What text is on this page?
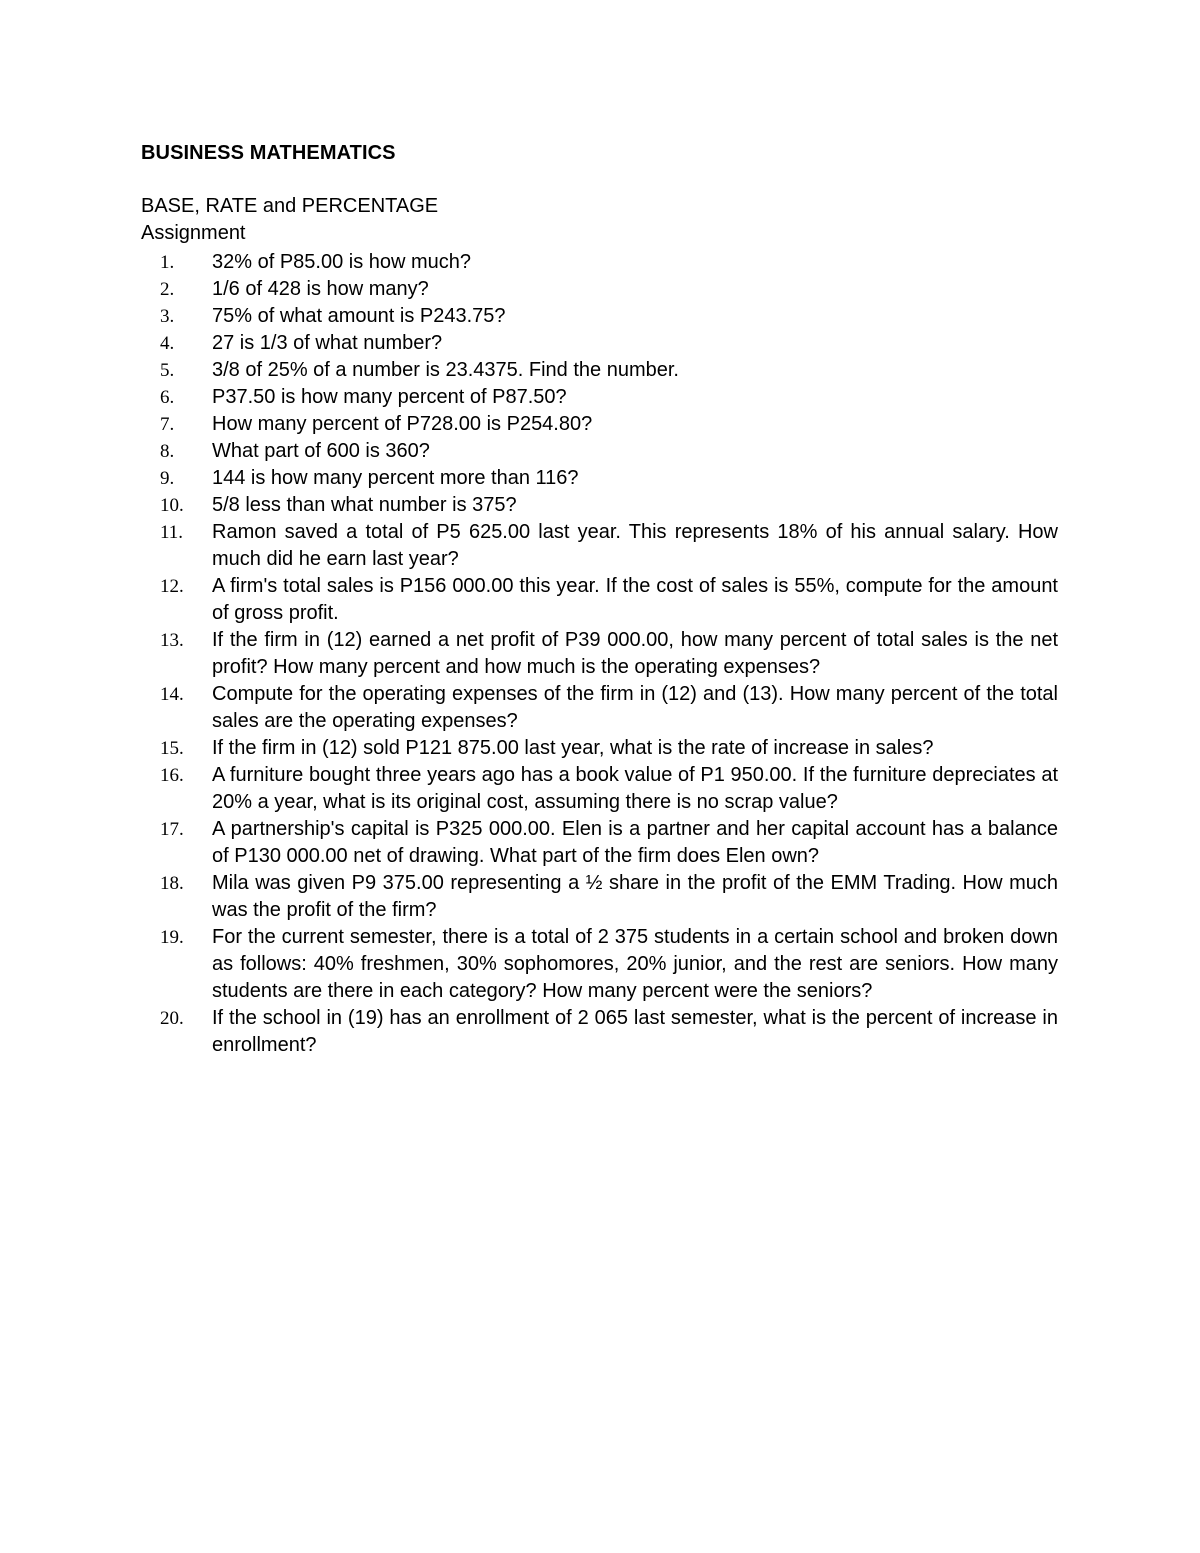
BUSINESS MATHEMATICS
BASE, RATE and PERCENTAGE
Assignment
1.	32% of P85.00 is how much?
2.	1/6 of 428 is how many?
3.	75% of what amount is P243.75?
4.	27 is 1/3 of what number?
5.	3/8 of 25% of a number is 23.4375. Find the number.
6.	P37.50 is how many percent of P87.50?
7.	How many percent of P728.00 is P254.80?
8.	What part of 600 is 360?
9.	144 is how many percent more than 116?
10.	5/8 less than what number is 375?
11.	Ramon saved a total of P5 625.00 last year. This represents 18% of his annual salary. How much did he earn last year?
12.	A firm's total sales is P156 000.00 this year. If the cost of sales is 55%, compute for the amount of gross profit.
13.	If the firm in (12) earned a net profit of P39 000.00, how many percent of total sales is the net profit? How many percent and how much is the operating expenses?
14.	Compute for the operating expenses of the firm in (12) and (13). How many percent of the total sales are the operating expenses?
15.	If the firm in (12) sold P121 875.00 last year, what is the rate of increase in sales?
16.	A furniture bought three years ago has a book value of P1 950.00. If the furniture depreciates at 20% a year, what is its original cost, assuming there is no scrap value?
17.	A partnership's capital is P325 000.00. Elen is a partner and her capital account has a balance of P130 000.00 net of drawing. What part of the firm does Elen own?
18.	Mila was given P9 375.00 representing a ½ share in the profit of the EMM Trading. How much was the profit of the firm?
19.	For the current semester, there is a total of 2 375 students in a certain school and broken down as follows: 40% freshmen, 30% sophomores, 20% junior, and the rest are seniors. How many students are there in each category? How many percent were the seniors?
20.	If the school in (19) has an enrollment of 2 065 last semester, what is the percent of increase in enrollment?
